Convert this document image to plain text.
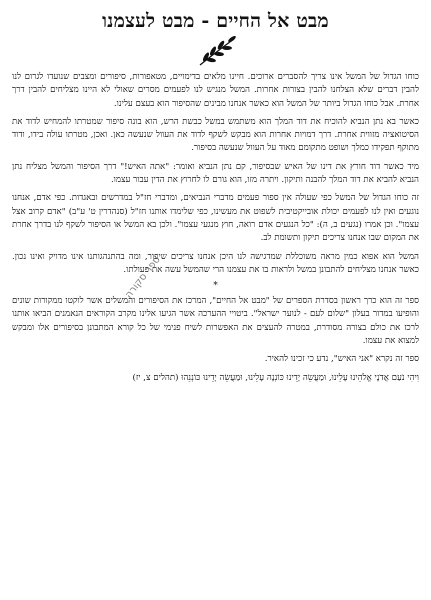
מבט אל החיים - מבט לעצמנו

כוחו הגדול של המשל אינו צריך להסברים ארוכים. חיינו מלאים בדימויים, מטאפורות, סיפורים ומצבים שנועדו לגרום לנו להבין דברים שלא הצלחנו להבין בצורות אחרות. המשל מנגיש לנו לפעמים מסרים שאולי לא היינו מצליחים להבין דרך אחרת. אבל כוחו הגדול ביותר של המשל הוא כאשר אנחנו מבינים שהסיפור הוא בעצם עלינו.

כאשר בא נתן הנביא להוכיח את דוד המלך הוא משתמש במשל כבשת הרש, הוא בונה סיפור שמטרתו להמחיש לדוד את הסיטואציה מזווית אחרת. דרך דמויות אחרות הוא מבקש לשקף לדוד את העוול שנעשה כאן. ואכן, מטרתו עולה בידו, ודוד מתוקף תפקידו כמלך ושופט מתקומם מאוד על העוול שנעשה בסיפור.

מיד כאשר דוד חורץ את דינו של האיש שבסיפור, קם נתן הנביא ואומר: "אתה האיש!" דרך הסיפור והמשל מצליח נתן הנביא להביא את דוד המלך להבנה ותיקון. ויתרה מזו, הוא גורם לו לחרוץ את הדין עבור עצמו.

זה כוחו הגדול של המשל כפי שעולה אין ספור פעמים מדברי הנביאים, ומדברי חז"ל במדרשים ובאגדות. כפי אדם, אנחנו נוגעים ואין לנו לפעמים יכולת אובייקטיבית לשפוט את מעשינו, כפי שלימדו אותנו חז"ל (סנהדרין ט' ע"ב) "אדם קרוב אצל עצמו". וכן אמרו (נגעים ב, ה): "כל הנגעים אדם רואה, חוץ מנגעי עצמו". ולכן בא המשל או הסיפור לשקף לנו בדרך אחרת את המקום שבו אנחנו צריכים תיקון ותשומת לב.

המשל הוא אפוא כמין מראה משוכללת שמדגישה לנו היכן אנחנו צריכים שיפור, ומה בהתנהגותנו אינו מדויק ואינו נכון. כאשר אנחנו מצליחים להתבונן במשל ולראות בו את עצמנו הרי שהמשל עשה את פעולתו.

*

ספר זה הוא כרך ראשון בסדרת הספרים של "מבט אל החיים", המרכז את הסיפורים והמשלים אשר לוקטו ממקורות שונים והופיעו במדור בעלון "שלום לעם - לנוער ישראל". ביטויי ההערכה אשר הגיעו אלינו מקרב הקוראים הנאמנים הביאו אותנו לרכז את כולם בצורה מסודרת, במטרה להעצים את האפשרות לשיח פנימי של כל קורא המתבונן בסיפורים אלו ומבקש למצוא את עצמו.

ספר זה נקרא "אני האיש", נדע כי זכינו להאיר.

וִיהִי נֹעַם אֲדֹנָי אֱלֹהֵינוּ עָלֵינוּ, וּמַעֲשֵׂה יָדֵינוּ כּוֹנְנָה עָלֵינוּ, וּמַעֲשֵׂה יָדֵינוּ כּוֹנְנֵהוּ (תהלים צ, יז)

ספר סקורה
